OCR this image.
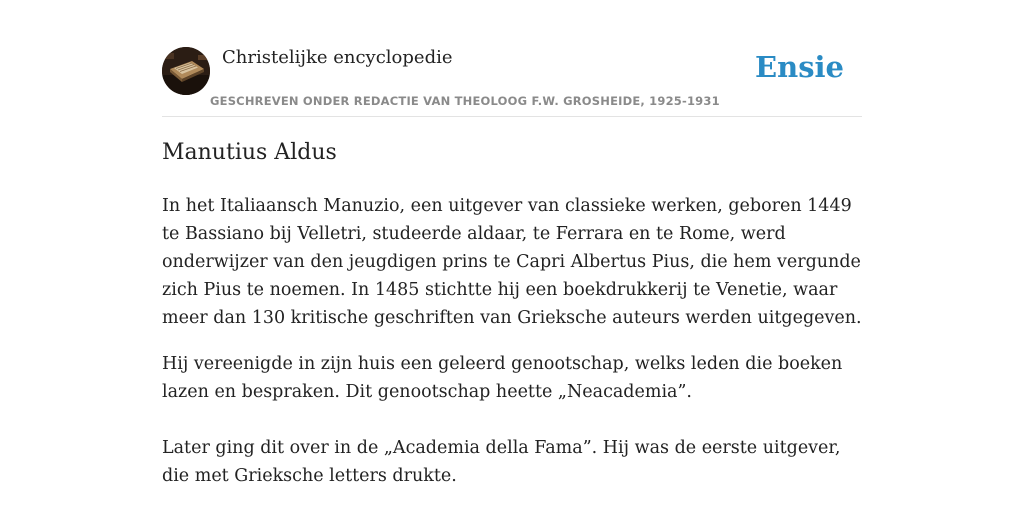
Christelijke encyclopedie
GESCHREVEN ONDER REDACTIE VAN THEOLOOG F.W. GROSHEIDE, 1925-1931
Ensie
Manutius Aldus

In het Italiaansch Manuzio, een uitgever van classieke werken, geboren 1449 te Bassiano bij Velletri, studeerde aldaar, te Ferrara en te Rome, werd onderwijzer van den jeugdigen prins te Capri Albertus Pius, die hem vergunde zich Pius te noemen. In 1485 stichtte hij een boekdrukkerij te Venetie, waar meer dan 130 kritische geschriften van Grieksche auteurs werden uitgegeven.

Hij vereenigde in zijn huis een geleerd genootschap, welks leden die boeken lazen en bespraken. Dit genootschap heette „Neacademia”.

Later ging dit over in de „Academia della Fama”. Hij was de eerste uitgever, die met Grieksche letters drukte.
